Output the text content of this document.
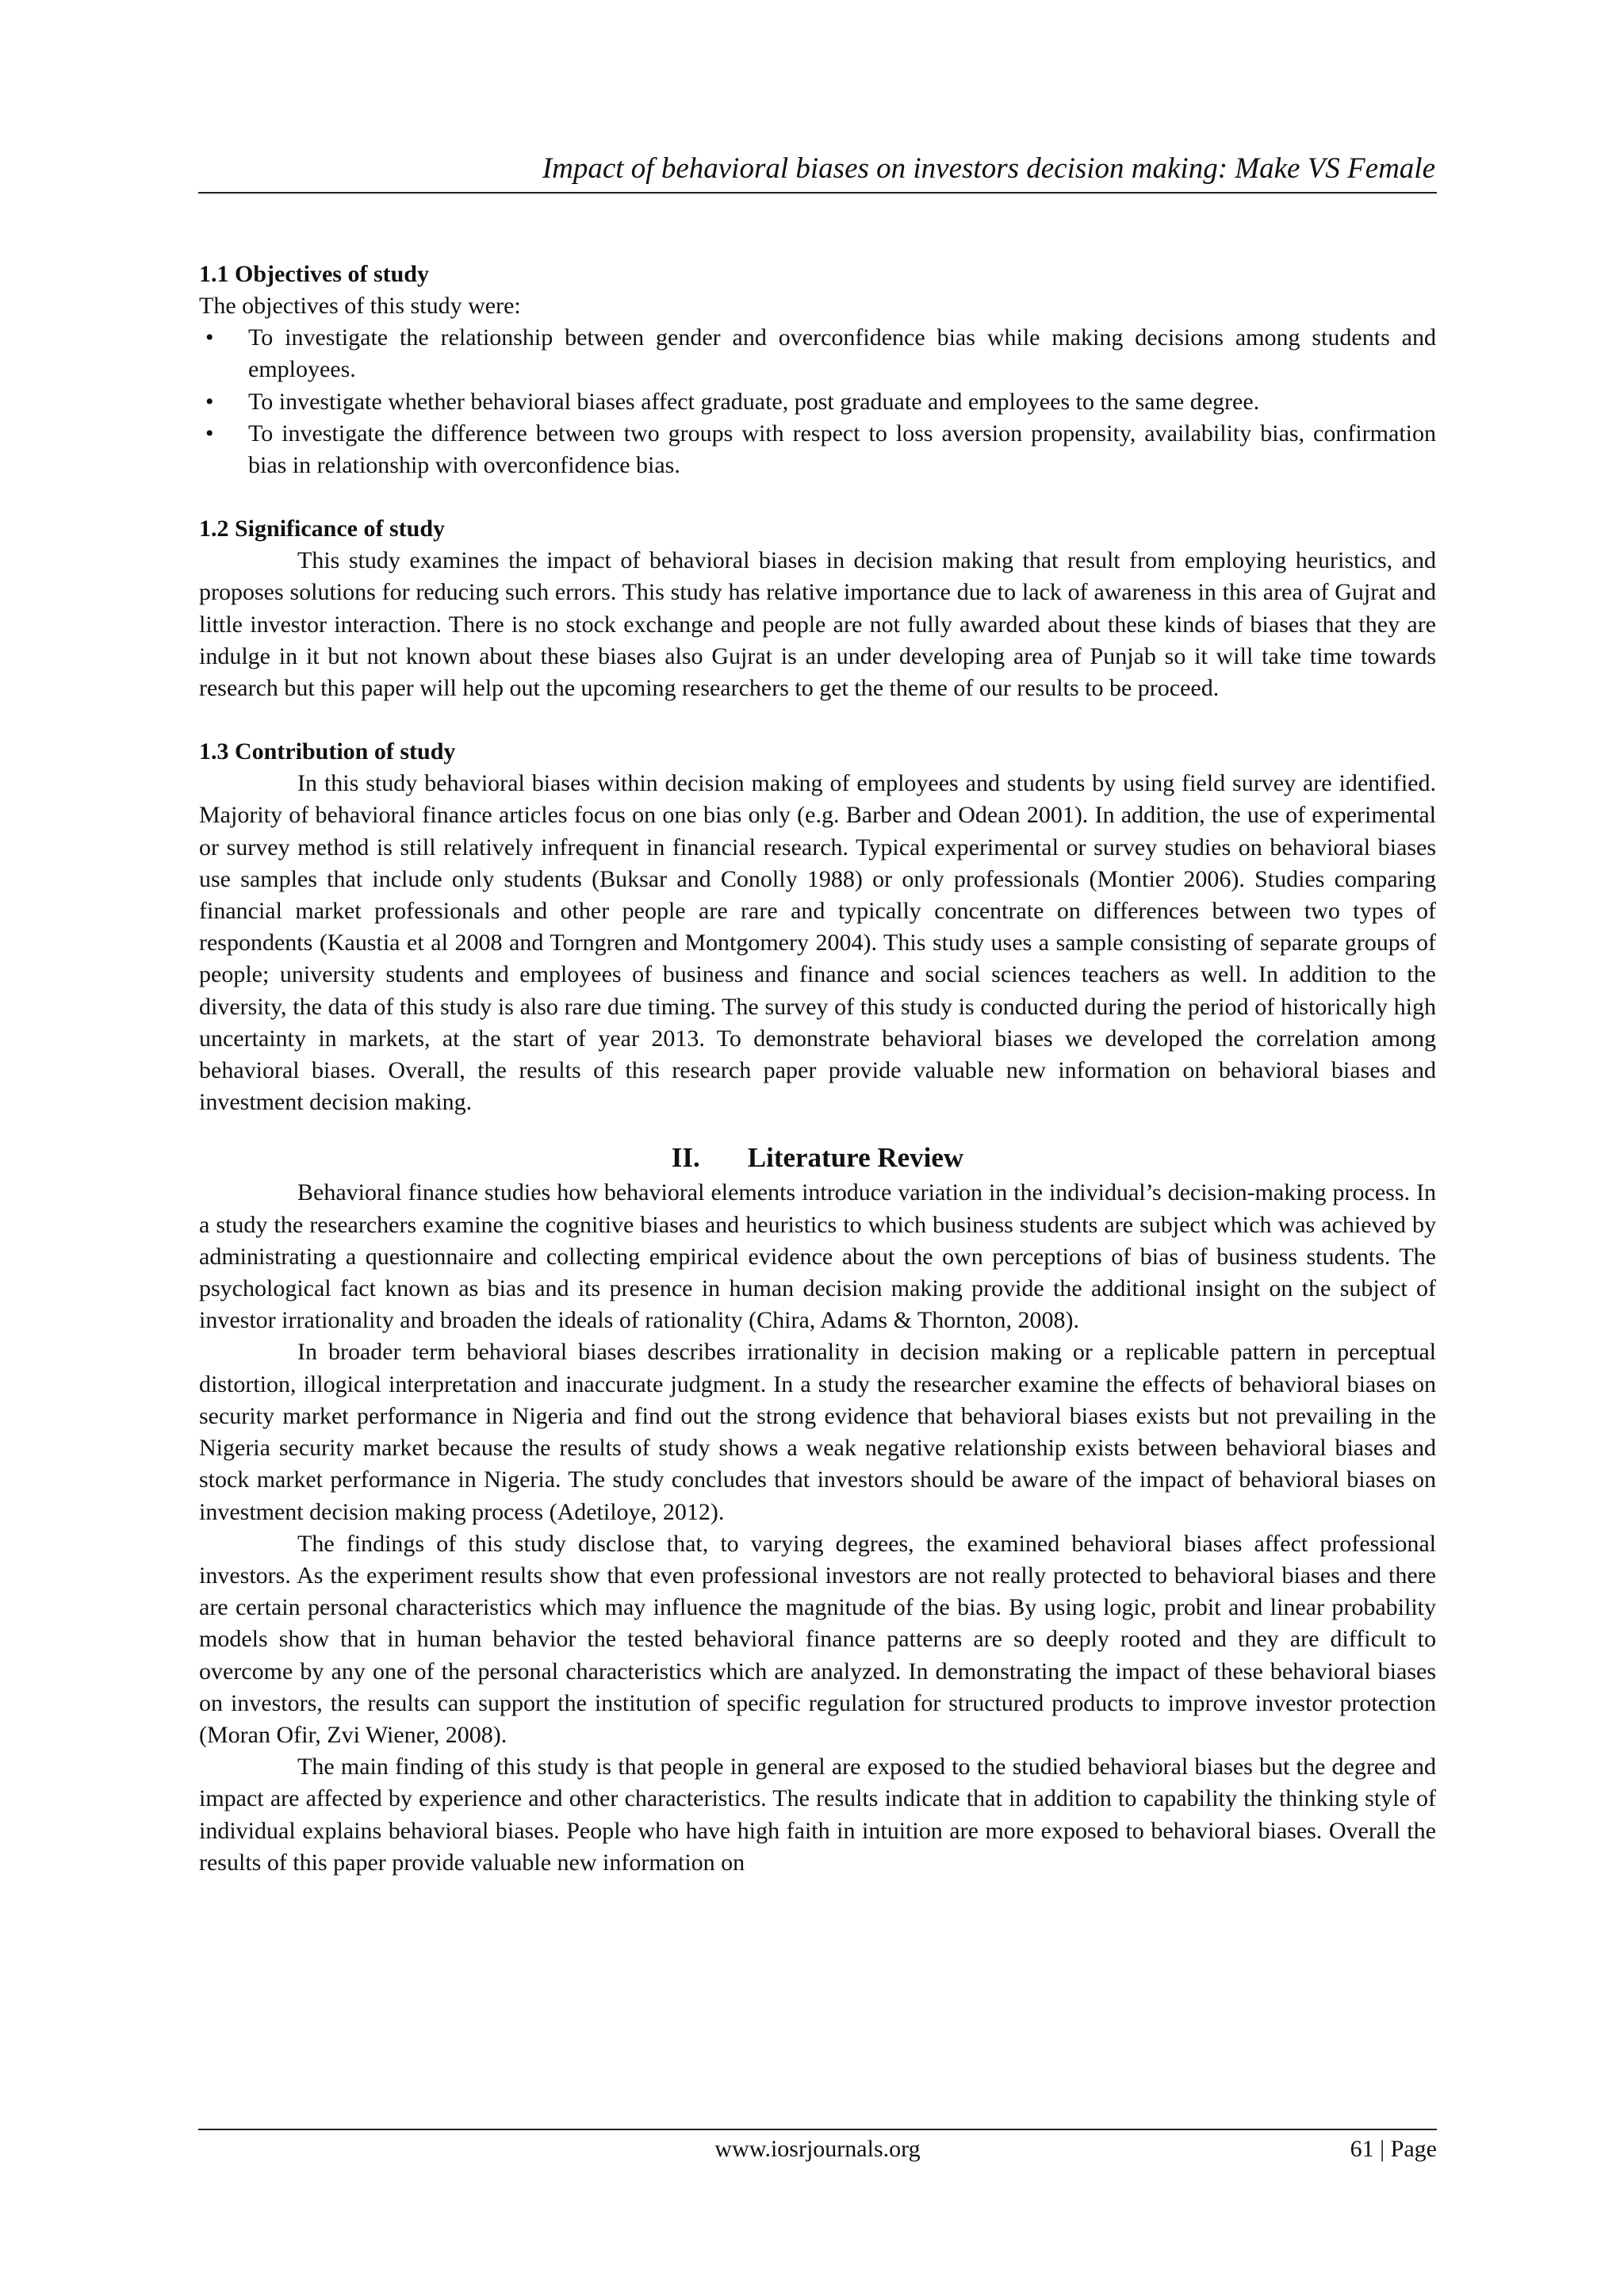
Impact of behavioral biases on investors decision making: Make VS Female
1.1 Objectives of study

The objectives of this study were:

• To investigate the relationship between gender and overconfidence bias while making decisions among students and employees.
• To investigate whether behavioral biases affect graduate, post graduate and employees to the same degree.
• To investigate the difference between two groups with respect to loss aversion propensity, availability bias, confirmation bias in relationship with overconfidence bias.
1.2 Significance of study

This study examines the impact of behavioral biases in decision making that result from employing heuristics, and proposes solutions for reducing such errors. This study has relative importance due to lack of awareness in this area of Gujrat and little investor interaction. There is no stock exchange and people are not fully awarded about these kinds of biases that they are indulge in it but not known about these biases also Gujrat is an under developing area of Punjab so it will take time towards research but this paper will help out the upcoming researchers to get the theme of our results to be proceed.

1.3 Contribution of study

In this study behavioral biases within decision making of employees and students by using field survey are identified. Majority of behavioral finance articles focus on one bias only (e.g. Barber and Odean 2001). In addition, the use of experimental or survey method is still relatively infrequent in financial research. Typical experimental or survey studies on behavioral biases use samples that include only students (Buksar and Conolly 1988) or only professionals (Montier 2006). Studies comparing financial market professionals and other people are rare and typically concentrate on differences between two types of respondents (Kaustia et al 2008 and Torngren and Montgomery 2004). This study uses a sample consisting of separate groups of people; university students and employees of business and finance and social sciences teachers as well. In addition to the diversity, the data of this study is also rare due timing. The survey of this study is conducted during the period of historically high uncertainty in markets, at the start of year 2013. To demonstrate behavioral biases we developed the correlation among behavioral biases. Overall, the results of this research paper provide valuable new information on behavioral biases and investment decision making.

II. Literature Review

Behavioral finance studies how behavioral elements introduce variation in the individual’s decision-making process. In a study the researchers examine the cognitive biases and heuristics to which business students are subject which was achieved by administrating a questionnaire and collecting empirical evidence about the own perceptions of bias of business students. The psychological fact known as bias and its presence in human decision making provide the additional insight on the subject of investor irrationality and broaden the ideals of rationality (Chira, Adams & Thornton, 2008).

In broader term behavioral biases describes irrationality in decision making or a replicable pattern in perceptual distortion, illogical interpretation and inaccurate judgment. In a study the researcher examine the effects of behavioral biases on security market performance in Nigeria and find out the strong evidence that behavioral biases exists but not prevailing in the Nigeria security market because the results of study shows a weak negative relationship exists between behavioral biases and stock market performance in Nigeria. The study concludes that investors should be aware of the impact of behavioral biases on investment decision making process (Adetiloye, 2012).

The findings of this study disclose that, to varying degrees, the examined behavioral biases affect professional investors. As the experiment results show that even professional investors are not really protected to behavioral biases and there are certain personal characteristics which may influence the magnitude of the bias. By using logic, probit and linear probability models show that in human behavior the tested behavioral finance patterns are so deeply rooted and they are difficult to overcome by any one of the personal characteristics which are analyzed. In demonstrating the impact of these behavioral biases on investors, the results can support the institution of specific regulation for structured products to improve investor protection (Moran Ofir, Zvi Wiener, 2008).

The main finding of this study is that people in general are exposed to the studied behavioral biases but the degree and impact are affected by experience and other characteristics. The results indicate that in addition to capability the thinking style of individual explains behavioral biases. People who have high faith in intuition are more exposed to behavioral biases. Overall the results of this paper provide valuable new information on

www.iosrjournals.org	61 | Page
